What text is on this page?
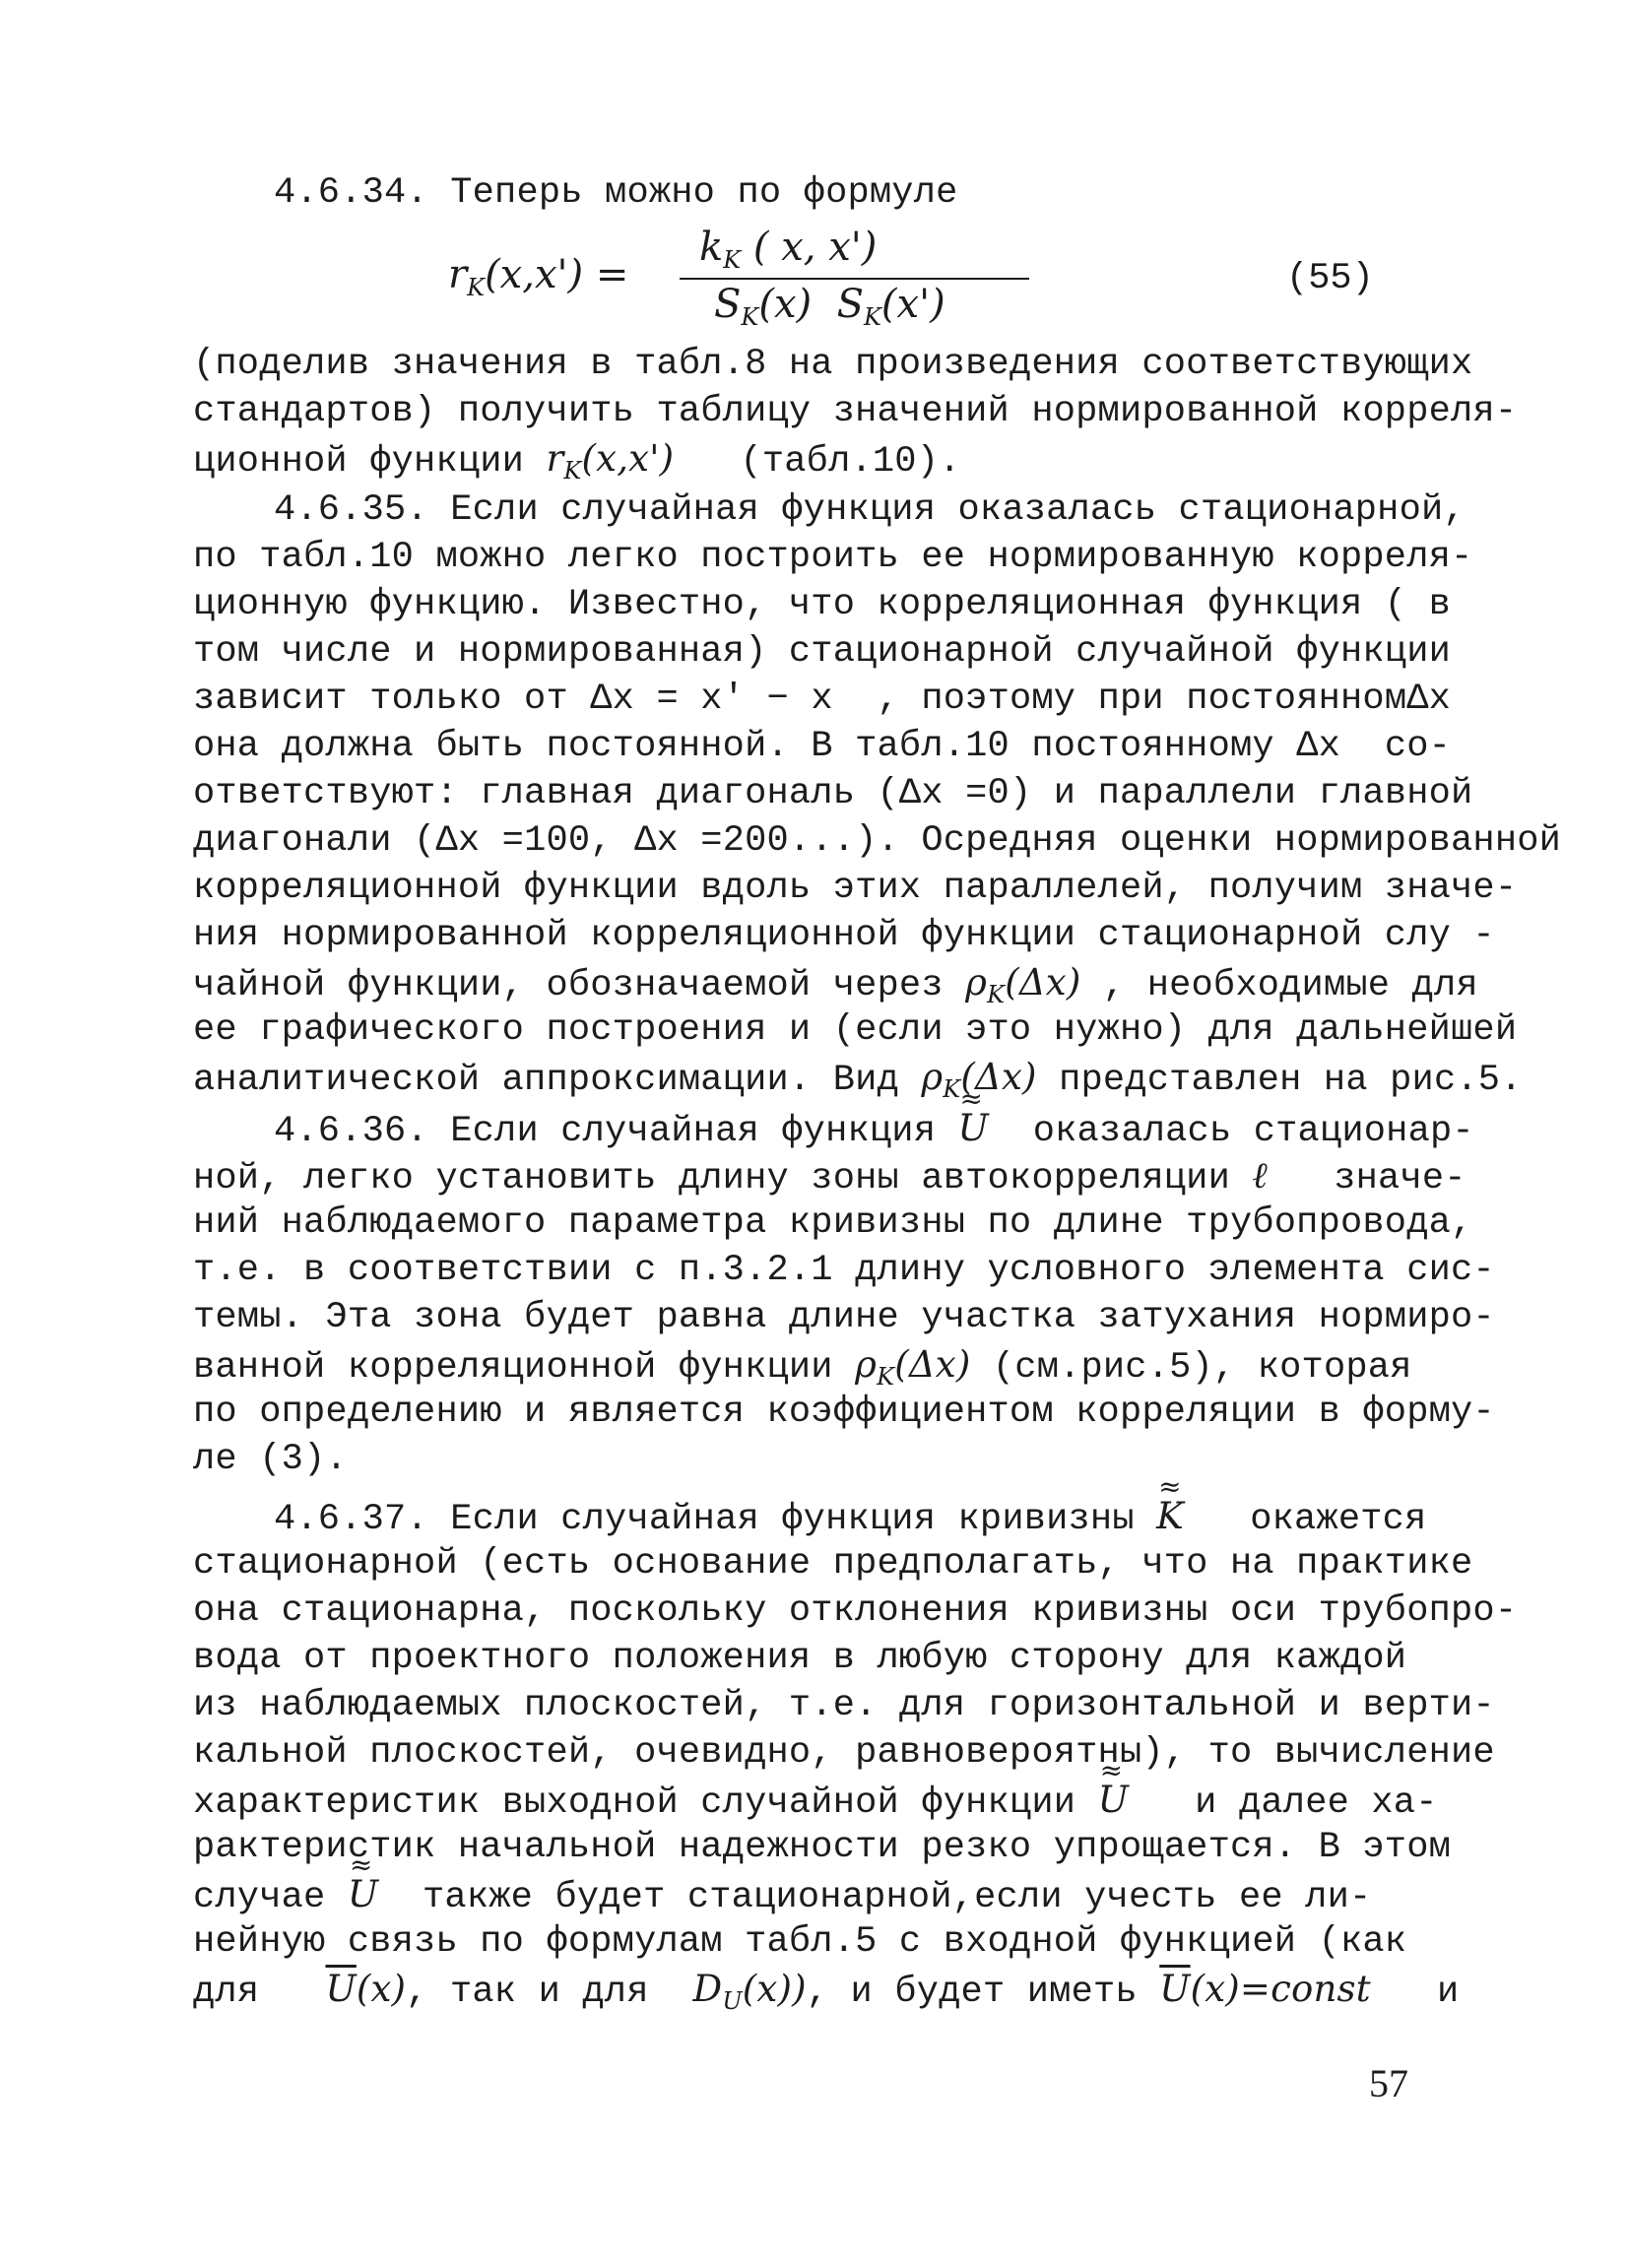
4.6.34. Теперь можно по формуле
$r_K(x,x')$ =
$k_K$ ( x, x')
$S_K(x)$ $S_K(x')$
(55)
(поделив значения в табл.8 на произведения соответствующих
стандартов) получить таблицу значений нормированной корреля-
ционной функции $r_K(x,x')$ (табл.10).
4.6.35. Если случайная функция оказалась стационарной,
по табл.10 можно легко построить ее нормированную корреля-
ционную функцию. Известно, что корреляционная функция ( в
том числе и нормированная) стационарной случайной функции
зависит только от Δx = x' − x , поэтому при постоянномΔx
она должна быть постоянной. В табл.10 постоянному Δx со-
ответствуют: главная диагональ (Δx =0) и параллели главной
диагонали (Δx =100, Δx =200...). Осредняя оценки нормированной
корреляционной функции вдоль этих параллелей, получим значе-
ния нормированной корреляционной функции стационарной слу -
чайной функции, обозначаемой через $\rho_K(\Delta x)$ , необходимые для
ее графического построения и (если это нужно) для дальнейшей
аналитической аппроксимации. Вид $\rho_K(\Delta x)$ представлен на рис.5.
4.6.36. Если случайная функция ≈ U оказалась стационар-
ной, легко установить длину зоны автокорреляции ℓ значе-
ний наблюдаемого параметра кривизны по длине трубопровода,
т.е. в соответствии с п.3.2.1 длину условного элемента сис-
темы. Эта зона будет равна длине участка затухания нормиро-
ванной корреляционной функции $\rho_K(\Delta x)$ (см.рис.5), которая
по определению и является коэффициентом корреляции в форму-
ле (3).
4.6.37. Если случайная функция кривизны ≈ K окажется
стационарной (есть основание предполагать, что на практике
она стационарна, поскольку отклонения кривизны оси трубопро-
вода от проектного положения в любую сторону для каждой
из наблюдаемых плоскостей, т.е. для горизонтальной и верти-
кальной плоскостей, очевидно, равновероятны), то вычисление
характеристик выходной случайной функции ≈ U и далее ха-
рактеристик начальной надежности резко упрощается. В этом
случае ≈ U также будет стационарной,если учесть ее ли-
нейную связь по формулам табл.5 с входной функцией (как
для $\overline{U}(x)$, так и для $D_U(x)$), и будет иметь $\overline{U}(x)=const$ и
57
